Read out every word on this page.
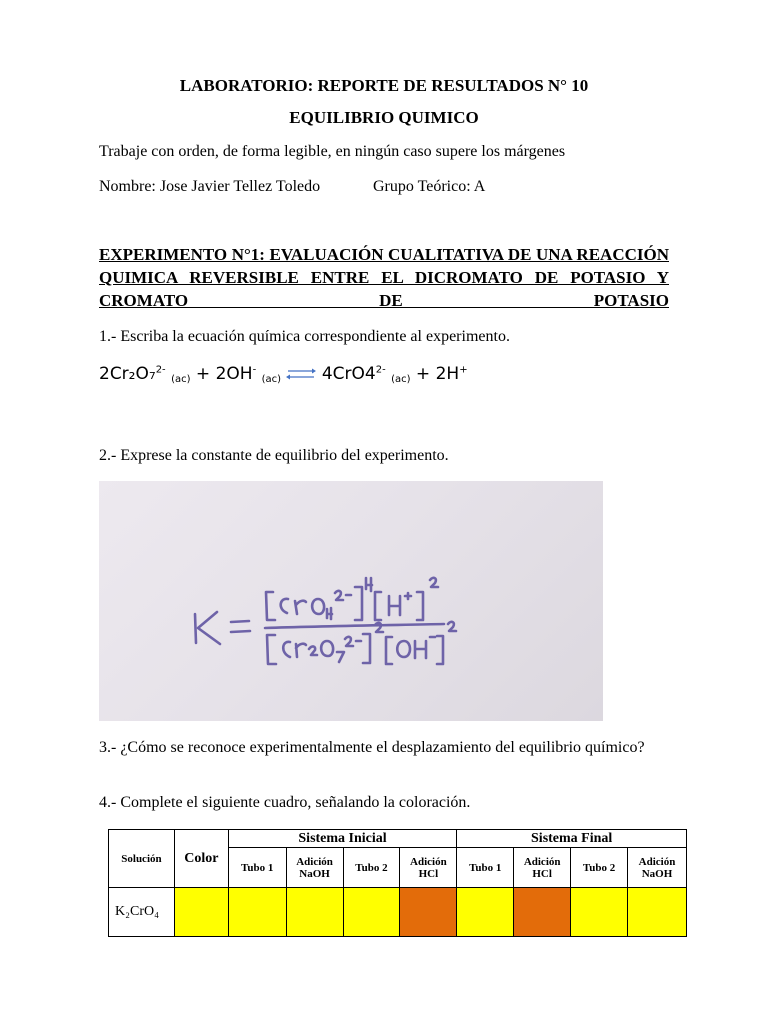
LABORATORIO: REPORTE DE RESULTADOS N° 10
EQUILIBRIO QUIMICO
Trabaje con orden, de forma legible, en ningún caso supere los márgenes
Nombre: Jose Javier Tellez Toledo	Grupo Teórico: A
EXPERIMENTO N°1: EVALUACIÓN CUALITATIVA DE UNA REACCIÓN QUIMICA REVERSIBLE ENTRE EL DICROMATO DE POTASIO Y CROMATO DE POTASIO
1.- Escriba la ecuación química correspondiente al experimento.
2Cr₂O₇$^{2-}$ (ac) + 2OH- (ac) ⇌ $4CrO4^{2-}$ (ac) + 2H+
2.- Exprese la constante de equilibrio del experimento.
3.- ¿Cómo se reconoce experimentalmente el desplazamiento del equilibrio químico?
4.- Complete el siguiente cuadro, señalando la coloración.
Solución	Color	Sistema Inicial				Sistema Final			
		Tubo 1	Adición NaOH	Tubo 2	Adición HCl	Tubo 1	Adición HCl	Tubo 2	Adición NaOH
K₂CrO₄									
